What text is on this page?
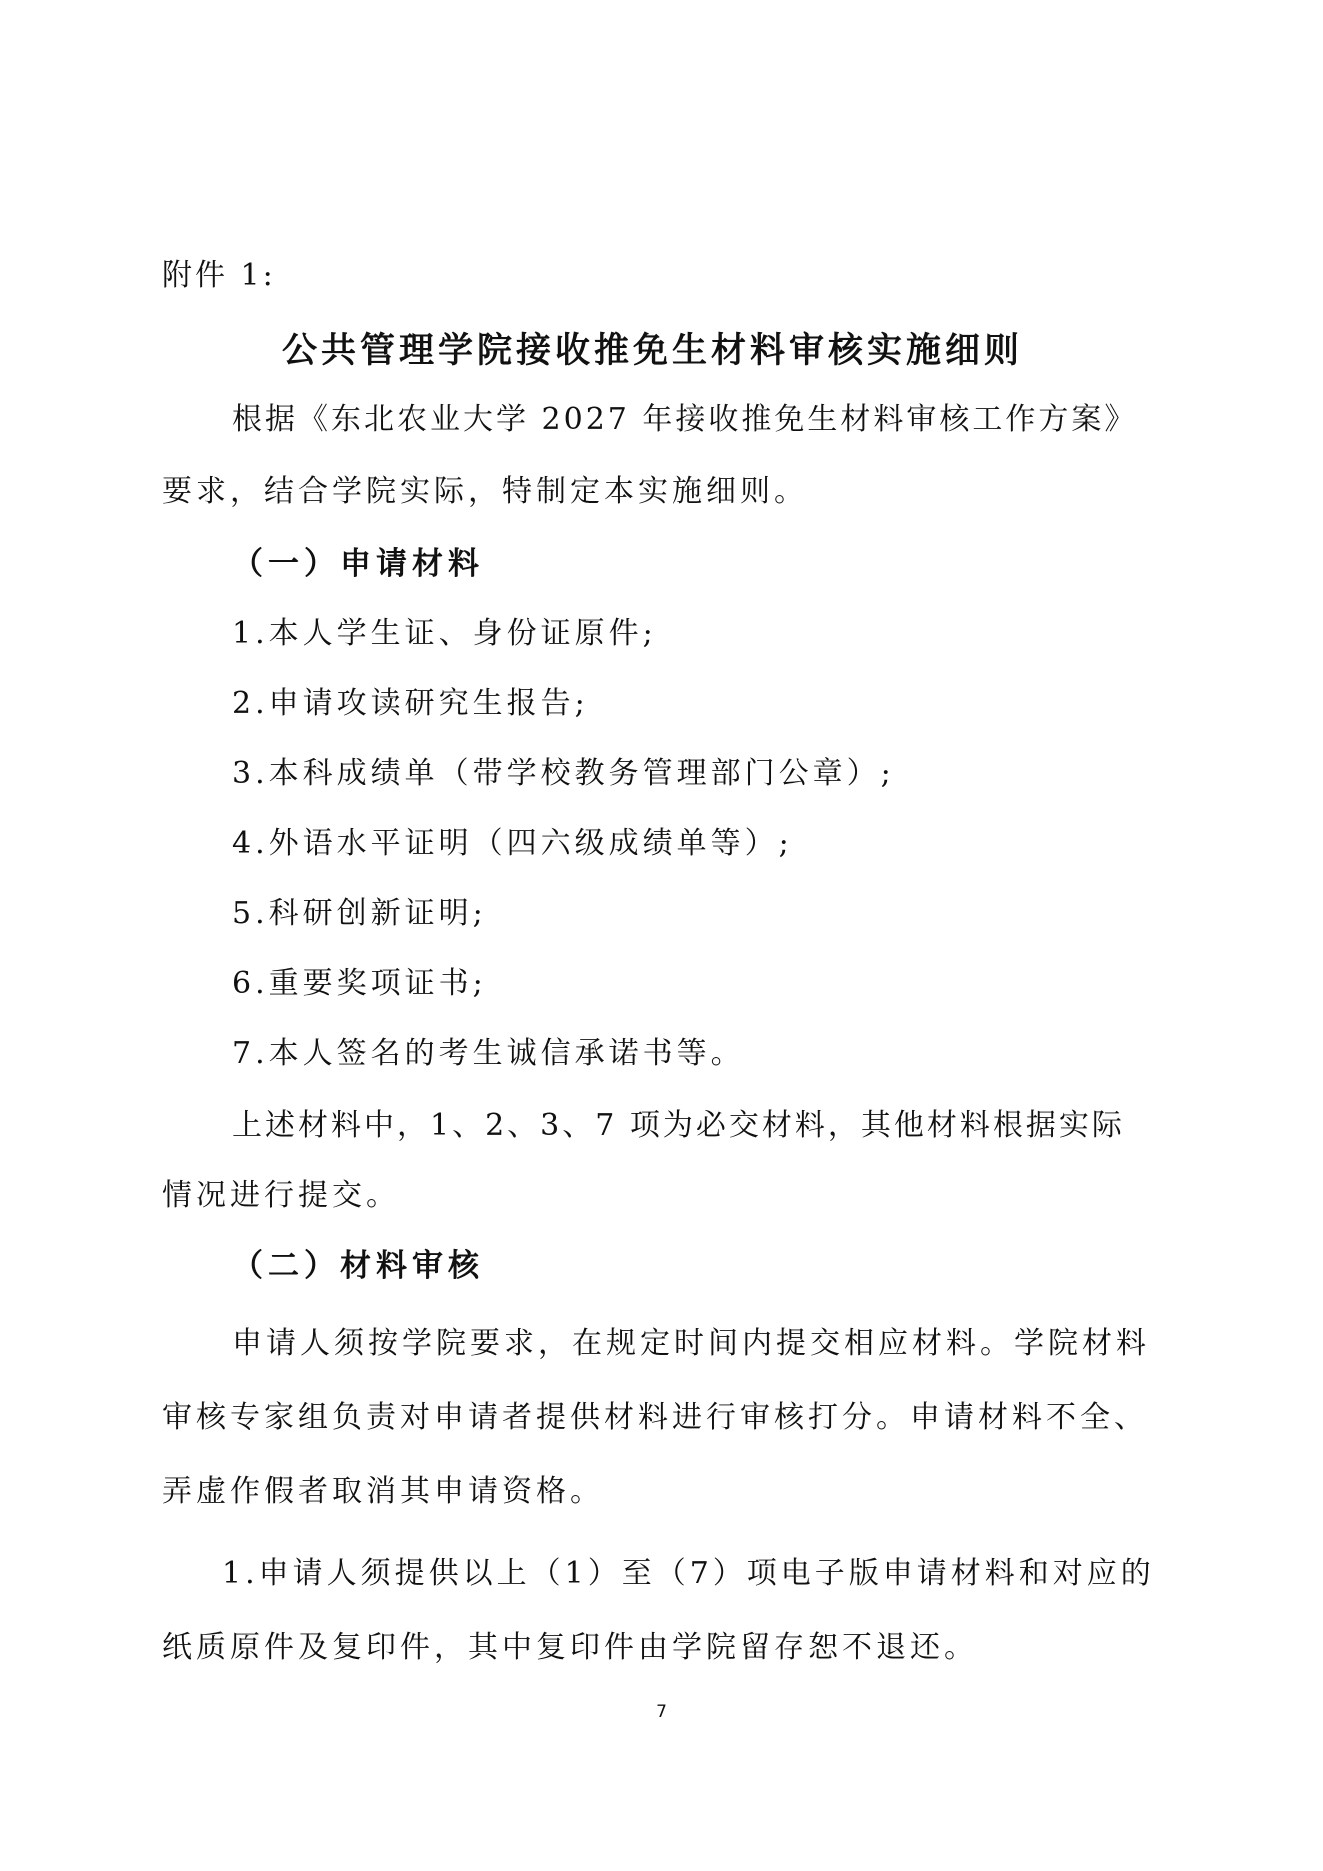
附件 1:

公共管理学院接收推免生材料审核实施细则

根据《东北农业大学 2027 年接收推免生材料审核工作方案》

要求，结合学院实际，特制定本实施细则。

（一）申请材料

1.本人学生证、身份证原件;

2.申请攻读研究生报告;

3.本科成绩单（带学校教务管理部门公章）;

4.外语水平证明（四六级成绩单等）;

5.科研创新证明;

6.重要奖项证书;

7.本人签名的考生诚信承诺书等。

上述材料中，1、2、3、7 项为必交材料，其他材料根据实际

情况进行提交。

（二）材料审核

申请人须按学院要求，在规定时间内提交相应材料。学院材料

审核专家组负责对申请者提供材料进行审核打分。申请材料不全、

弄虚作假者取消其申请资格。

1.申请人须提供以上（1）至（7）项电子版申请材料和对应的

纸质原件及复印件，其中复印件由学院留存恕不退还。

7
